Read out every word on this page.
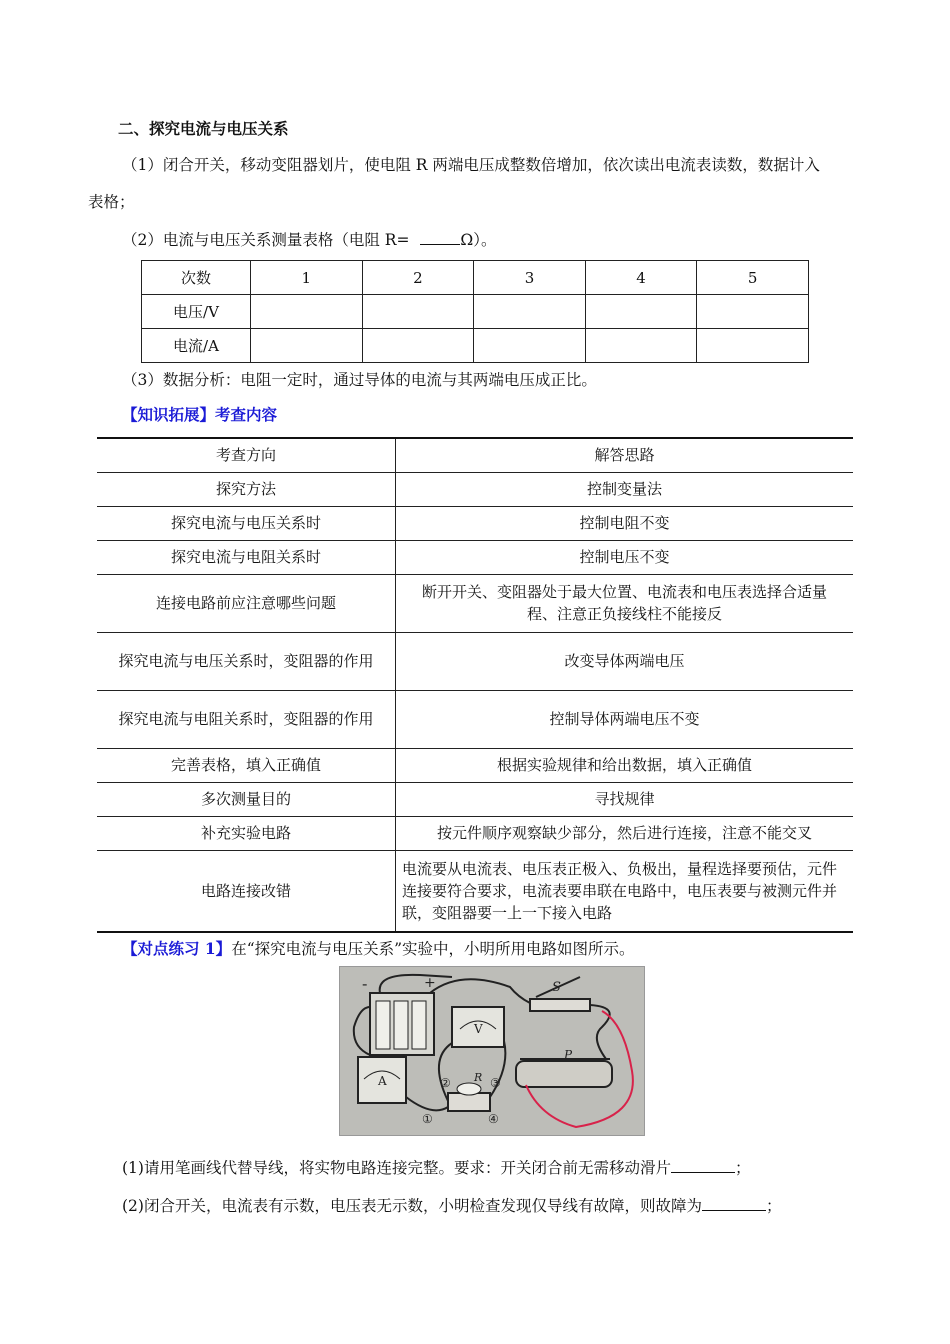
二、探究电流与电压关系
（1）闭合开关，移动变阻器划片，使电阻 R 两端电压成整数倍增加，依次读出电流表读数，数据计入
表格；
（2）电流与电压关系测量表格（电阻 R=	Ω）。
次数	1	2	3	4	5
电压/V					
电流/A					
（3）数据分析：电阻一定时，通过导体的电流与其两端电压成正比。
【知识拓展】考查内容
考查方向	解答思路
探究方法	控制变量法
探究电流与电压关系时	控制电阻不变
探究电流与电阻关系时	控制电压不变
连接电路前应注意哪些问题	断开开关、变阻器处于最大位置、电流表和电压表选择合适量程、注意正负接线柱不能接反
探究电流与电压关系时，变阻器的作用	改变导体两端电压
探究电流与电阻关系时，变阻器的作用	控制导体两端电压不变
完善表格，填入正确值	根据实验规律和给出数据，填入正确值
多次测量目的	寻找规律
补充实验电路	按元件顺序观察缺少部分，然后进行连接，注意不能交叉
电路连接改错	电流要从电流表、电压表正极入、负极出，量程选择要预估，元件连接要符合要求，电流表要串联在电路中，电压表要与被测元件并联，变阻器要一上一下接入电路
【对点练习 1】在“探究电流与电压关系”实验中，小明所用电路如图所示。
-	+	S
V
A	R
P
①
②	③
④
(1)请用笔画线代替导线，将实物电路连接完整。要求：开关闭合前无需移动滑片	；
(2)闭合开关，电流表有示数，电压表无示数，小明检查发现仅导线有故障，则故障为	；
